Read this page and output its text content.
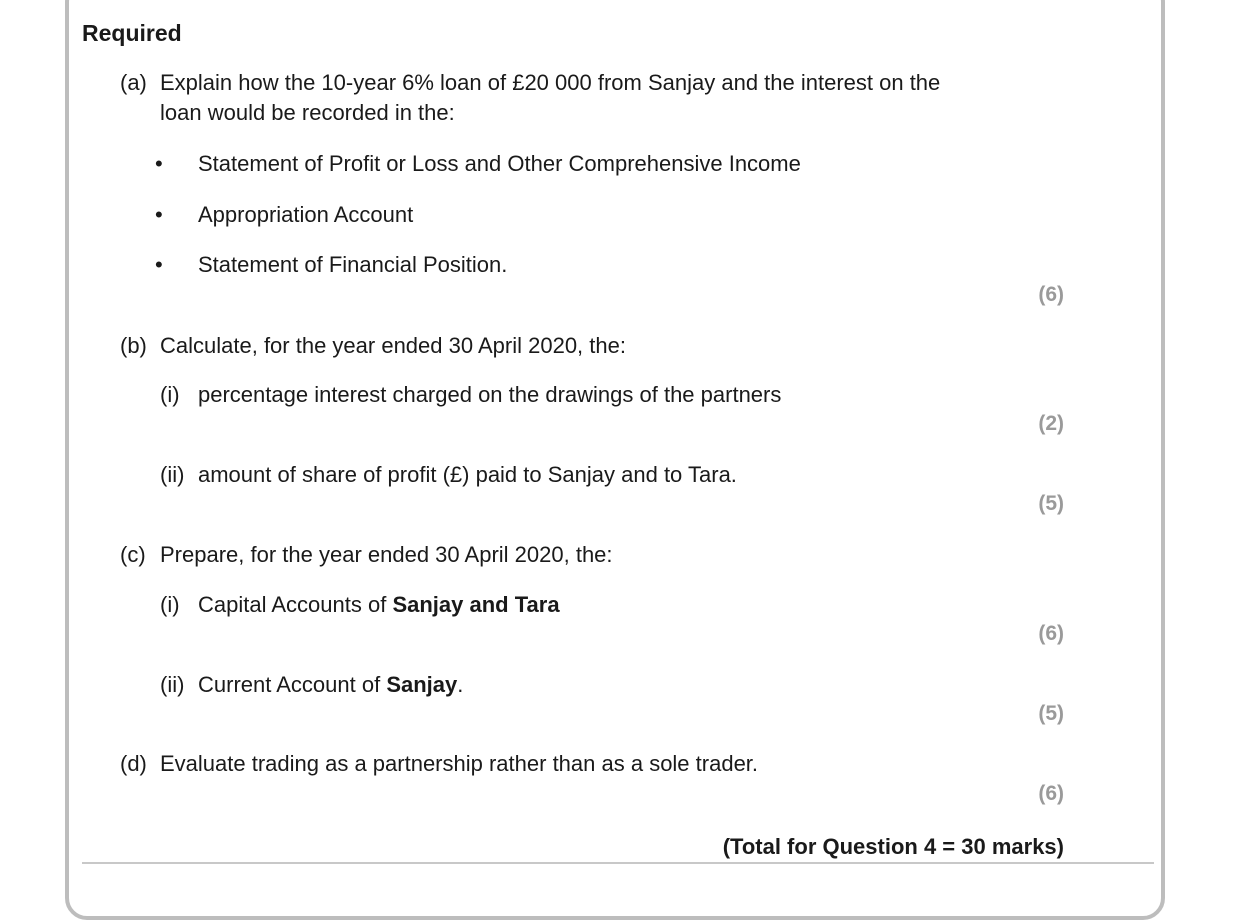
Required
(a) Explain how the 10-year 6% loan of £20 000 from Sanjay and the interest on the
loan would be recorded in the:
• Statement of Profit or Loss and Other Comprehensive Income
• Appropriation Account
• Statement of Financial Position.
(6)
(b) Calculate, for the year ended 30 April 2020, the:
(i) percentage interest charged on the drawings of the partners
(2)
(ii) amount of share of profit (£) paid to Sanjay and to Tara.
(5)
(c) Prepare, for the year ended 30 April 2020, the:
(i) Capital Accounts of Sanjay and Tara
(6)
(ii) Current Account of Sanjay.
(5)
(d) Evaluate trading as a partnership rather than as a sole trader.
(6)
(Total for Question 4 = 30 marks)
